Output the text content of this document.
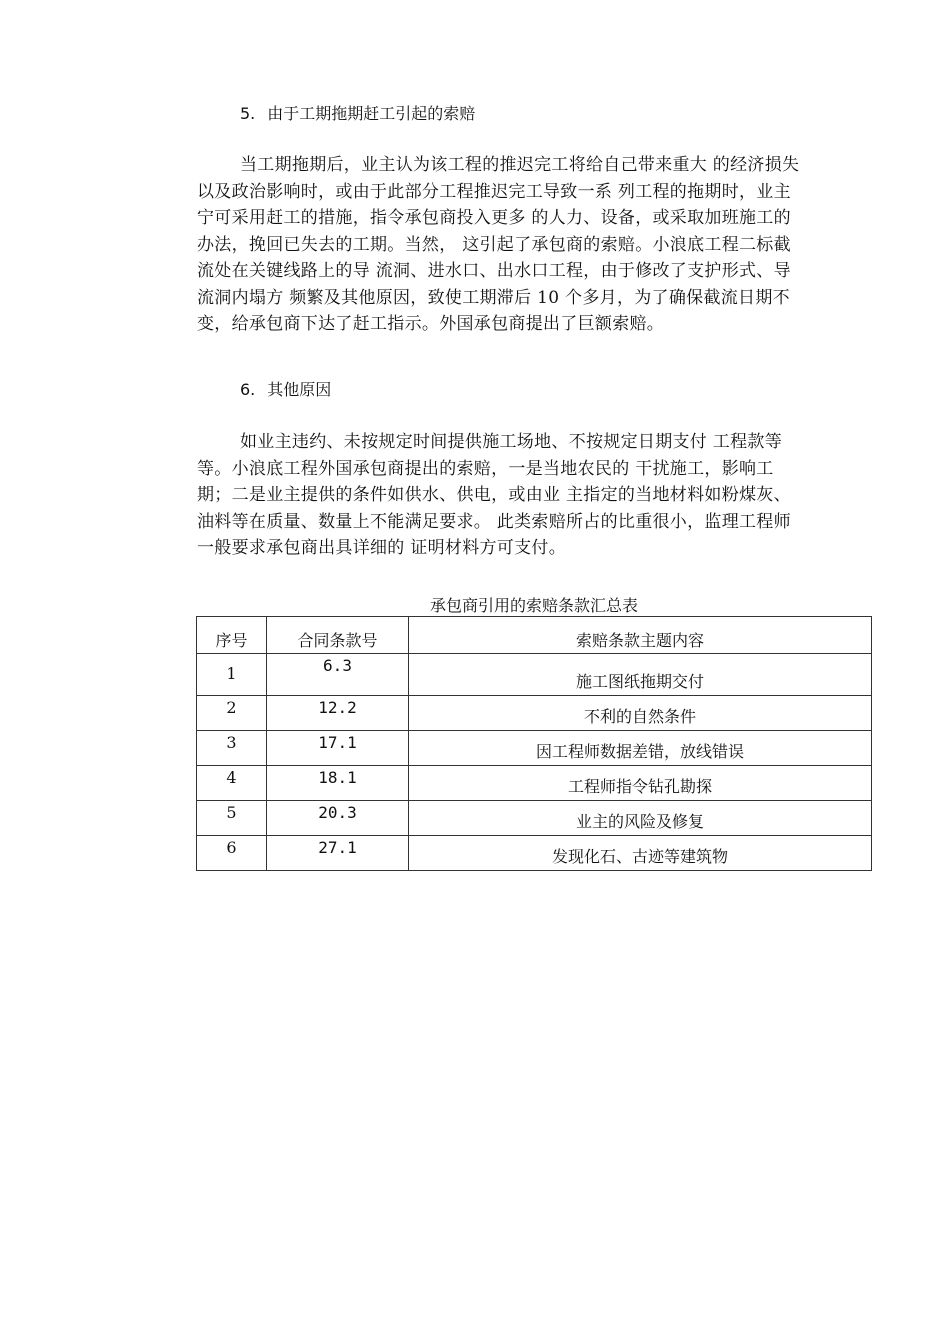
5. 由于工期拖期赶工引起的索赔
当工期拖期后，业主认为该工程的推迟完工将给自己带来重大 的经济损失
以及政治影响时，或由于此部分工程推迟完工导致一系 列工程的拖期时，业主
宁可采用赶工的措施，指令承包商投入更多 的人力、设备，或采取加班施工的
办法，挽回已失去的工期。当然， 这引起了承包商的索赔。小浪底工程二标截
流处在关键线路上的导 流洞、进水口、出水口工程，由于修改了支护形式、导
流洞内塌方 频繁及其他原因，致使工期滞后 10 个多月，为了确保截流日期不
变，给承包商下达了赶工指示。外国承包商提出了巨额索赔。
6. 其他原因
如业主违约、未按规定时间提供施工场地、不按规定日期支付 工程款等
等。小浪底工程外国承包商提出的索赔，一是当地农民的 干扰施工，影响工
期；二是业主提供的条件如供水、供电，或由业 主指定的当地材料如粉煤灰、
油料等在质量、数量上不能满足要求。 此类索赔所占的比重很小，监理工程师
一般要求承包商出具详细的 证明材料方可支付。
承包商引用的索赔条款汇总表
序号	合同条款号	索赔条款主题内容
1	6.3	施工图纸拖期交付
2	12.2	不利的自然条件
3	17.1	因工程师数据差错，放线错误
4	18.1	工程师指令钻孔勘探
5	20.3	业主的风险及修复
6	27.1	发现化石、古迹等建筑物
